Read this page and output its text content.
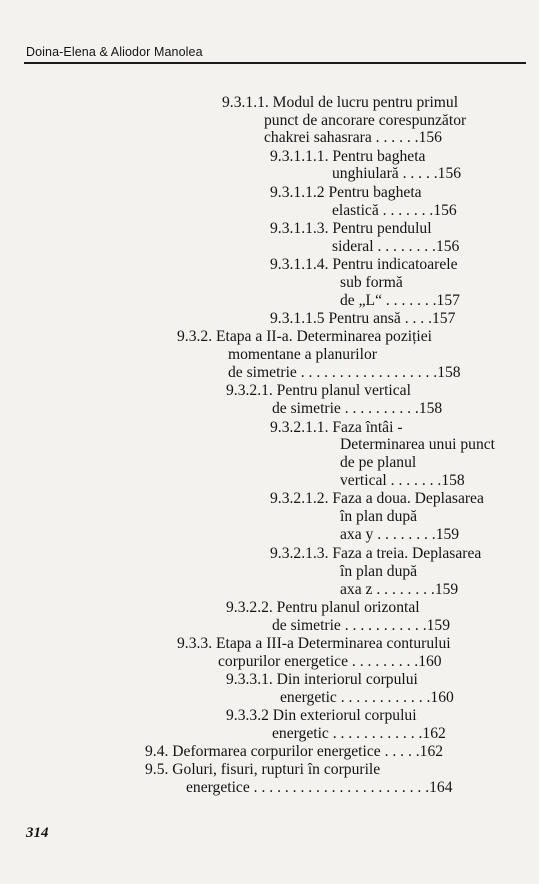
Doina-Elena & Aliodor Manolea
9.3.1.1. Modul de lucru pentru primul
punct de ancorare corespunzător
chakrei sahasrara . . . . . .156
9.3.1.1.1. Pentru bagheta
unghiulară . . . . .156
9.3.1.1.2 Pentru bagheta
elastică . . . . . . .156
9.3.1.1.3. Pentru pendulul
sideral . . . . . . . .156
9.3.1.1.4. Pentru indicatoarele
sub formă
de „L“ . . . . . . .157
9.3.1.1.5 Pentru ansă . . . .157
9.3.2. Etapa a II-a. Determinarea poziției
momentane a planurilor
de simetrie . . . . . . . . . . . . . . . . . .158
9.3.2.1. Pentru planul vertical
de simetrie . . . . . . . . . .158
9.3.2.1.1. Faza întâi -
Determinarea unui punct
de pe planul
vertical . . . . . . .158
9.3.2.1.2. Faza a doua. Deplasarea
în plan după
axa y . . . . . . . .159
9.3.2.1.3. Faza a treia. Deplasarea
în plan după
axa z . . . . . . . .159
9.3.2.2. Pentru planul orizontal
de simetrie . . . . . . . . . . .159
9.3.3. Etapa a III-a Determinarea conturului
corpurilor energetice . . . . . . . . .160
9.3.3.1. Din interiorul corpului
energetic . . . . . . . . . . . .160
9.3.3.2 Din exteriorul corpului
energetic . . . . . . . . . . . .162
9.4. Deformarea corpurilor energetice . . . . .162
9.5. Goluri, fisuri, rupturi în corpurile
energetice . . . . . . . . . . . . . . . . . . . . . . .164
314
